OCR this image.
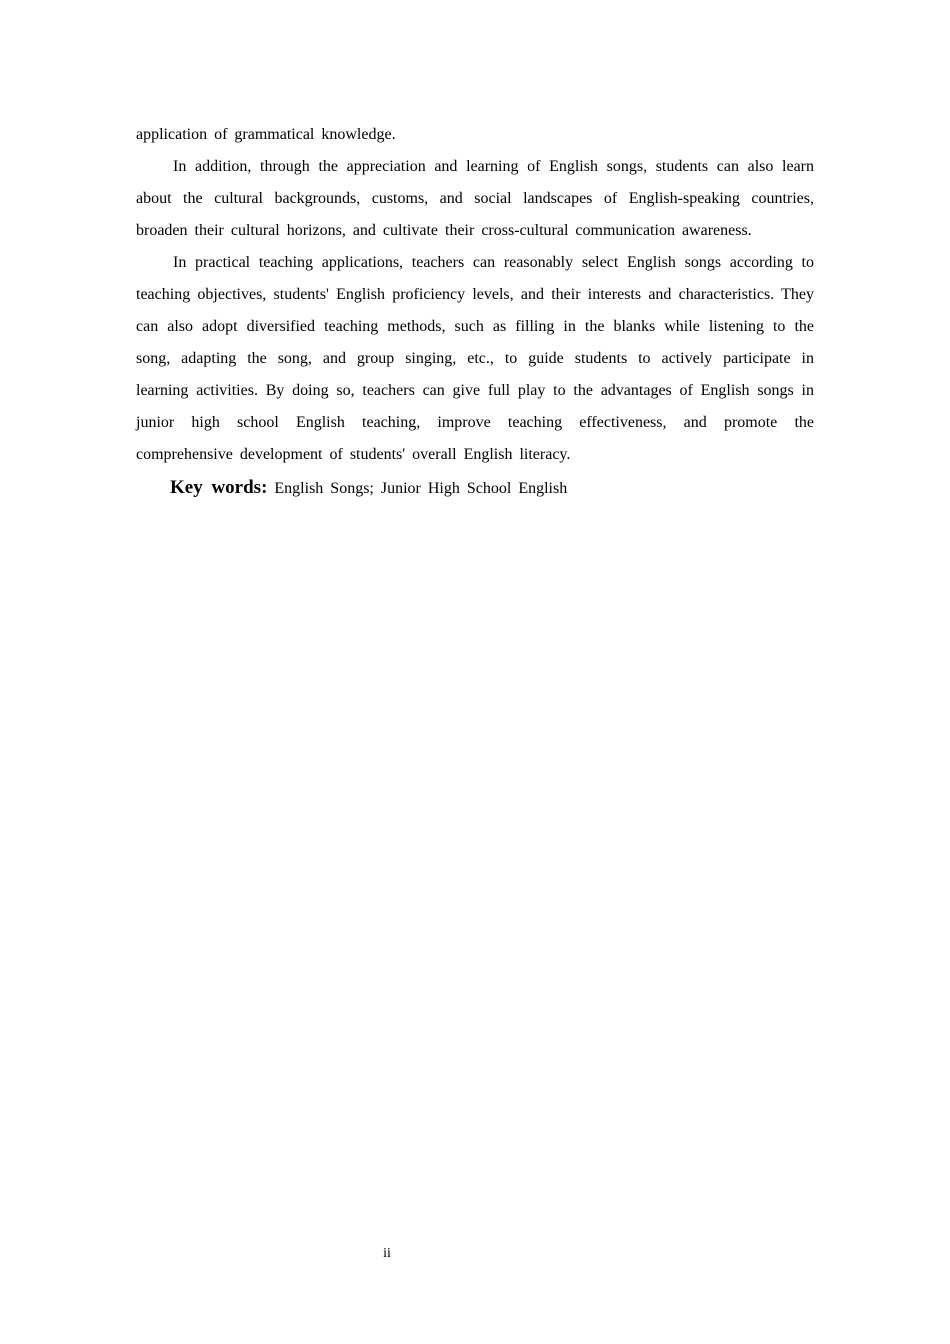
application of grammatical knowledge.

In addition, through the appreciation and learning of English songs, students can also learn about the cultural backgrounds, customs, and social landscapes of English-speaking countries, broaden their cultural horizons, and cultivate their cross-cultural communication awareness.

In practical teaching applications, teachers can reasonably select English songs according to teaching objectives, students' English proficiency levels, and their interests and characteristics. They can also adopt diversified teaching methods, such as filling in the blanks while listening to the song, adapting the song, and group singing, etc., to guide students to actively participate in learning activities. By doing so, teachers can give full play to the advantages of English songs in junior high school English teaching, improve teaching effectiveness, and promote the comprehensive development of students' overall English literacy.

Key words: English Songs; Junior High School English

ii
